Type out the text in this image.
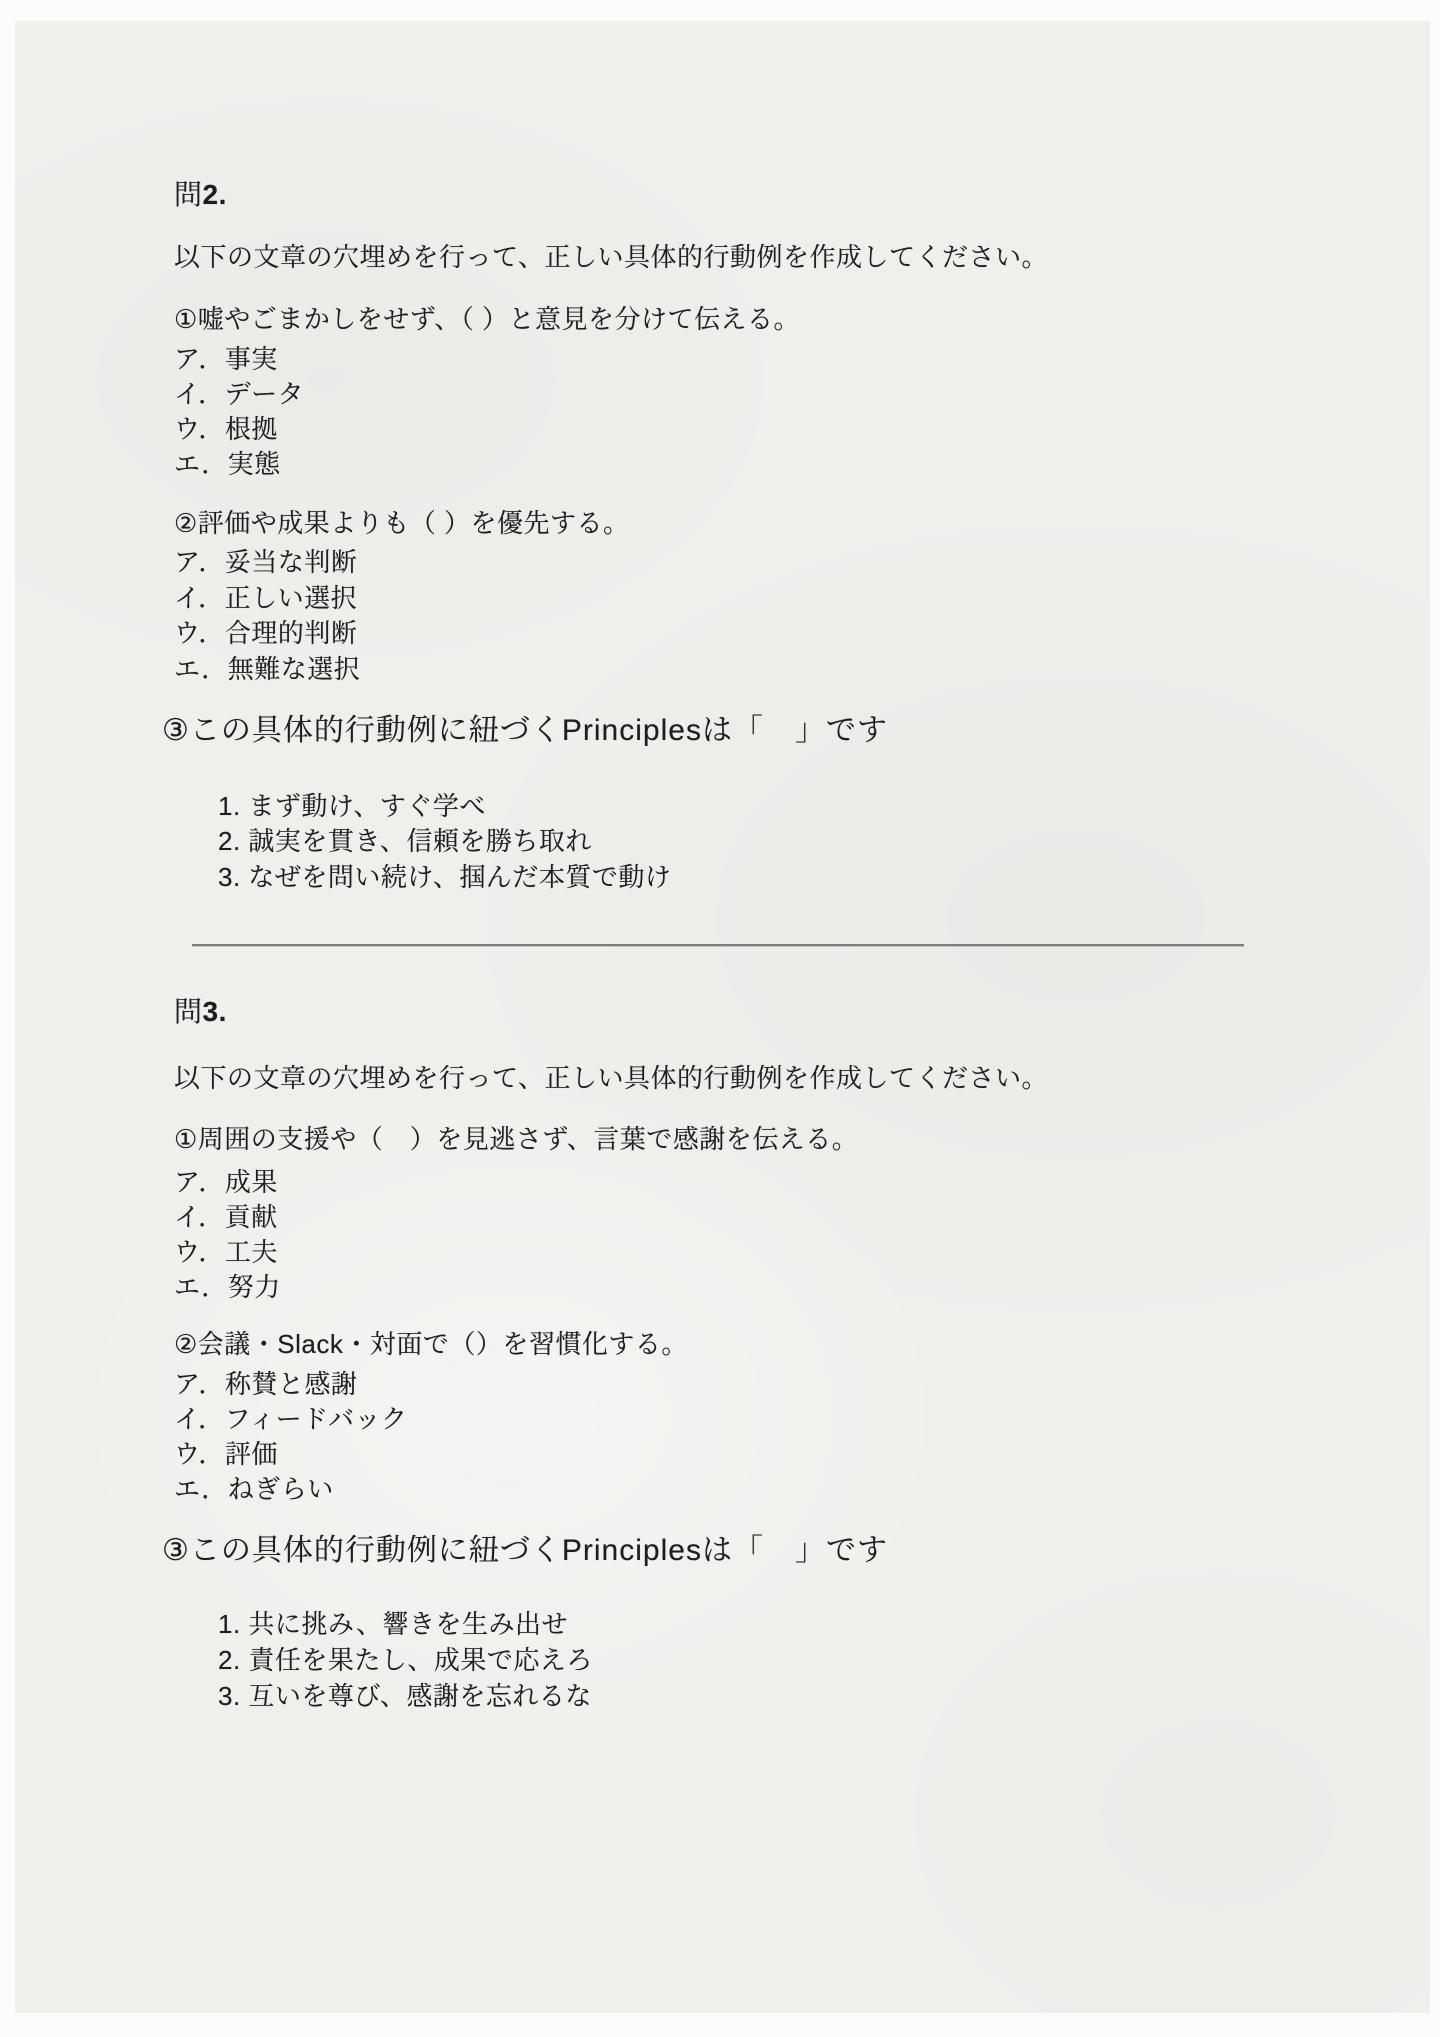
問2.
以下の文章の穴埋めを行って、正しい具体的行動例を作成してください。
①嘘やごまかしをせず、（ ）と意見を分けて伝える。
ア．事実
イ．データ
ウ．根拠
エ．実態
②評価や成果よりも（ ）を優先する。
ア．妥当な判断
イ．正しい選択
ウ．合理的判断
エ．無難な選択
③この具体的行動例に紐づくPrinciplesは「　」です
1. まず動け、すぐ学べ
2. 誠実を貫き、信頼を勝ち取れ
3. なぜを問い続け、掴んだ本質で動け
問3.
以下の文章の穴埋めを行って、正しい具体的行動例を作成してください。
①周囲の支援や（　）を見逃さず、言葉で感謝を伝える。
ア．成果
イ．貢献
ウ．工夫
エ．努力
②会議・Slack・対面で（）を習慣化する。
ア．称賛と感謝
イ．フィードバック
ウ．評価
エ．ねぎらい
③この具体的行動例に紐づくPrinciplesは「　」です
1. 共に挑み、響きを生み出せ
2. 責任を果たし、成果で応えろ
3. 互いを尊び、感謝を忘れるな
